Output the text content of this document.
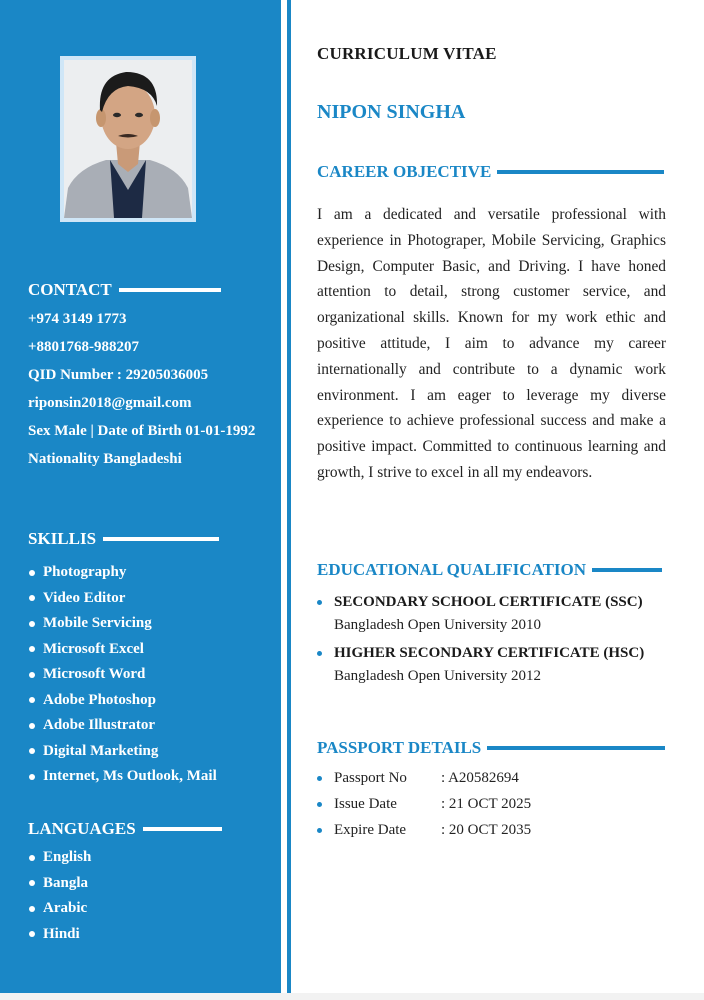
CONTACT
+974 3149 1773
+8801768-988207
QID Number : 29205036005
riponsin2018@gmail.com
Sex Male | Date of Birth 01-01-1992
Nationality Bangladeshi
SKILLIS
Photography
Video Editor
Mobile Servicing
Microsoft Excel
Microsoft Word
Adobe Photoshop
Adobe Illustrator
Digital Marketing
Internet, Ms Outlook, Mail
LANGUAGES
English
Bangla
Arabic
Hindi
CURRICULUM VITAE
NIPON SINGHA
CAREER OBJECTIVE

I am a dedicated and versatile professional with experience in Photograper, Mobile Servicing, Graphics Design, Computer Basic, and Driving. I have honed attention to detail, strong customer service, and organizational skills. Known for my work ethic and positive attitude, I aim to advance my career internationally and contribute to a dynamic work environment. I am eager to leverage my diverse experience to achieve professional success and make a positive impact. Committed to continuous learning and growth, I strive to excel in all my endeavors.

EDUCATIONAL QUALIFICATION
SECONDARY SCHOOL CERTIFICATE (SSC)
Bangladesh Open University 2010
HIGHER SECONDARY CERTIFICATE (HSC)
Bangladesh Open University 2012
PASSPORT DETAILS
Passport No	: A20582694
Issue Date	: 21 OCT 2025
Expire Date	: 20 OCT 2035
